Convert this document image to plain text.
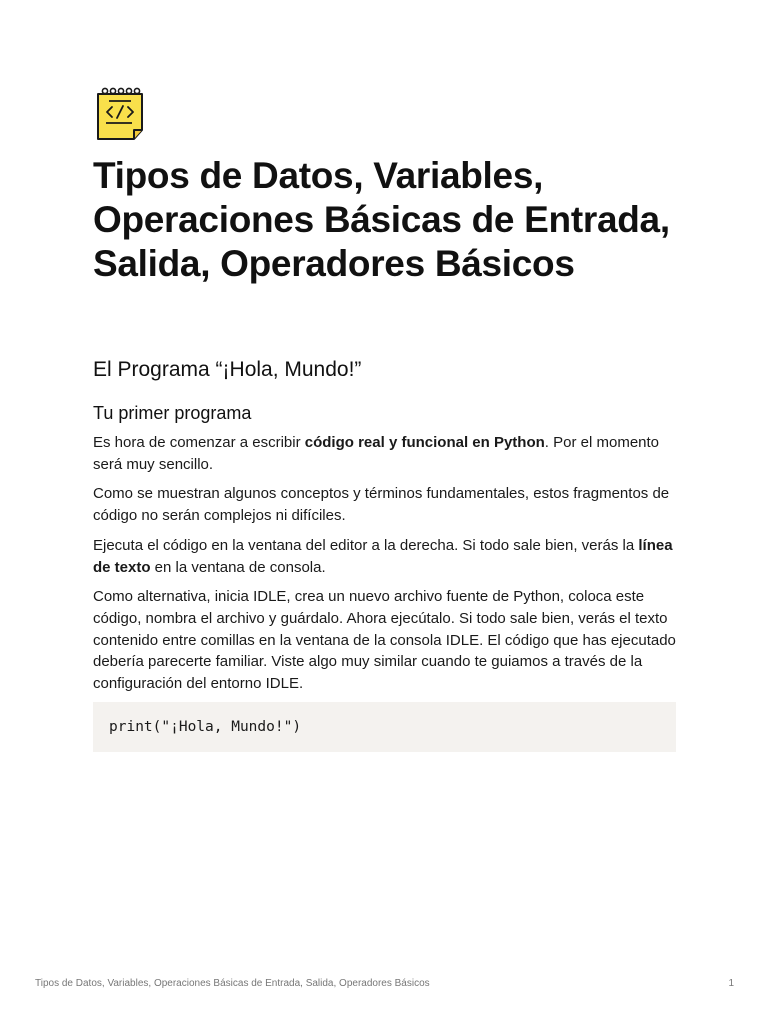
Tipos de Datos, Variables, Operaciones Básicas de Entrada, Salida, Operadores Básicos
El Programa “¡Hola, Mundo!”
Tu primer programa

Es hora de comenzar a escribir código real y funcional en Python. Por el momento será muy sencillo.

Como se muestran algunos conceptos y términos fundamentales, estos fragmentos de código no serán complejos ni difíciles.

Ejecuta el código en la ventana del editor a la derecha. Si todo sale bien, verás la línea de texto en la ventana de consola.

Como alternativa, inicia IDLE, crea un nuevo archivo fuente de Python, coloca este código, nombra el archivo y guárdalo. Ahora ejecútalo. Si todo sale bien, verás el texto contenido entre comillas en la ventana de la consola IDLE. El código que has ejecutado debería parecerte familiar. Viste algo muy similar cuando te guiamos a través de la configuración del entorno IDLE.

print("¡Hola, Mundo!")
Tipos de Datos, Variables, Operaciones Básicas de Entrada, Salida, Operadores Básicos	1
